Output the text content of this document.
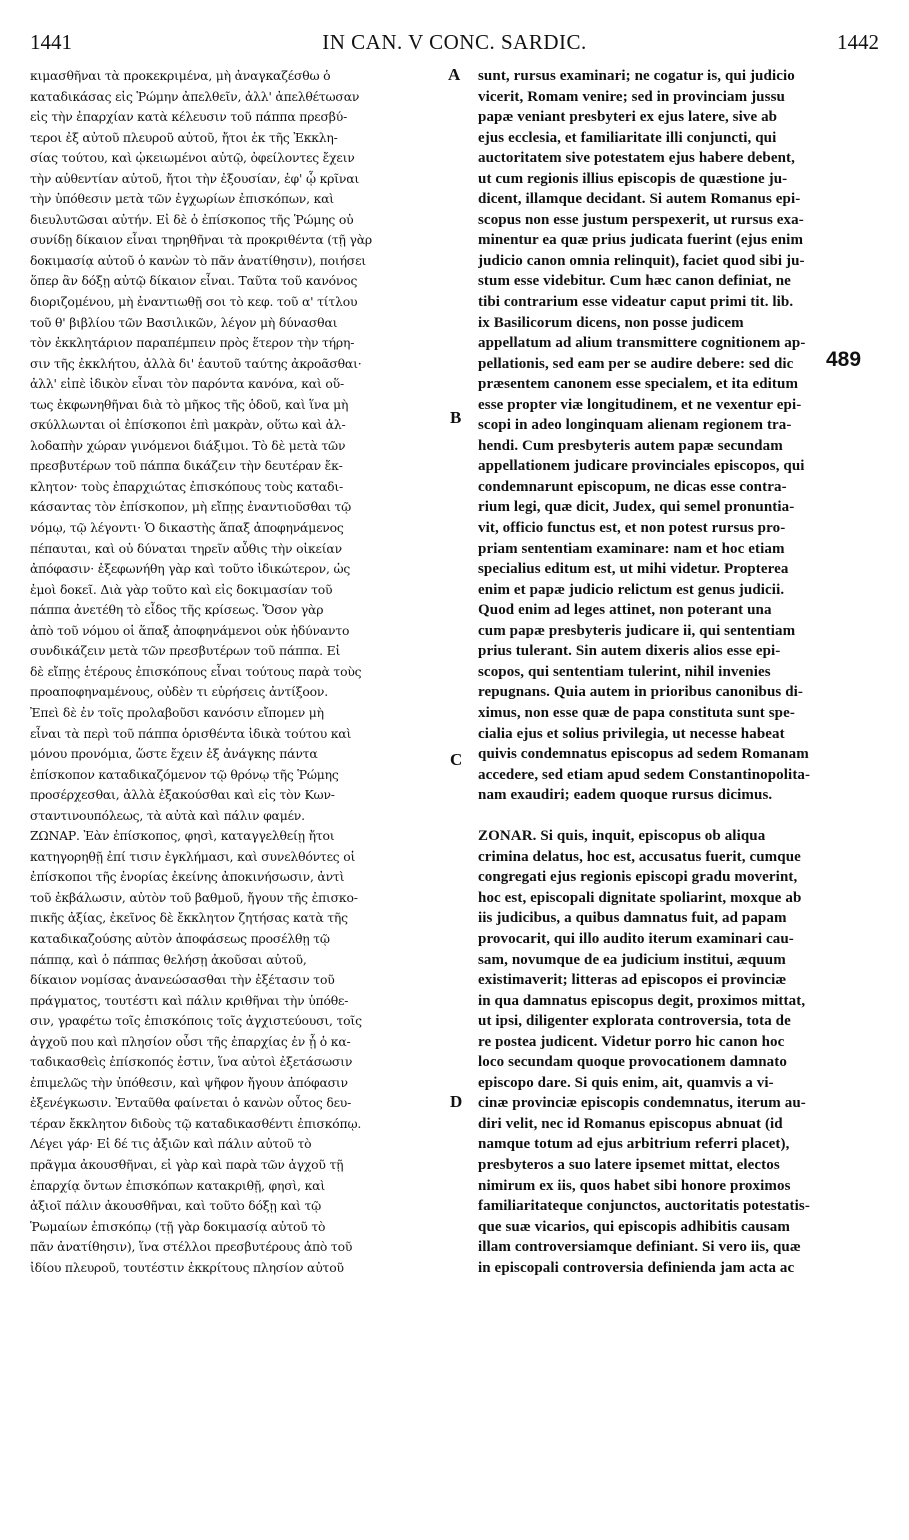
1441	IN CAN. V CONC. SARDIC.	1442
κιμασθῆναι τὰ προκεκριμένα, μὴ ἀναγκαζέσθω ὁ
καταδικάσας εἰς Ῥώμην ἀπελθεῖν, ἀλλ' ἀπελθέτωσαν
εἰς τὴν ἐπαρχίαν κατὰ κέλευσιν τοῦ πάππα πρεσβύ-
τεροι ἐξ αὐτοῦ πλευροῦ αὐτοῦ, ἤτοι ἐκ τῆς Ἐκκλη-
σίας τούτου, καὶ ᾠκειωμένοι αὐτῷ, ὀφείλοντες ἔχειν
τὴν αὐθεντίαν αὐτοῦ, ἤτοι τὴν ἐξουσίαν, ἐφ' ᾧ κρῖναι
τὴν ὑπόθεσιν μετὰ τῶν ἐγχωρίων ἐπισκόπων, καὶ
διευλυτῶσαι αὐτήν. Εἰ δὲ ὁ ἐπίσκοπος τῆς Ῥώμης οὐ
συνίδῃ δίκαιον εἶναι τηρηθῆναι τὰ προκριθέντα (τῇ γὰρ
δοκιμασίᾳ αὐτοῦ ὁ κανὼν τὸ πᾶν ἀνατίθησιν), ποιήσει
ὅπερ ἂν δόξῃ αὐτῷ δίκαιον εἶναι. Ταῦτα τοῦ κανόνος
διοριζομένου, μὴ ἐναντιωθῇ σοι τὸ κεφ. τοῦ α' τίτλου
τοῦ θ' βιβλίου τῶν Βασιλικῶν, λέγον μὴ δύνασθαι
τὸν ἐκκλητάριον παραπέμπειν πρὸς ἕτερον τὴν τήρη-
σιν τῆς ἐκκλήτου, ἀλλὰ δι' ἑαυτοῦ ταύτης ἀκροᾶσθαι·
ἀλλ' εἰπὲ ἰδικὸν εἶναι τὸν παρόντα κανόνα, καὶ οὕ-
τως ἐκφωνηθῆναι διὰ τὸ μῆκος τῆς ὁδοῦ, καὶ ἵνα μὴ
σκύλλωνται οἱ ἐπίσκοποι ἐπὶ μακρὰν, οὕτω καὶ ἀλ-
λοδαπὴν χώραν γινόμενοι διάξιμοι. Τὸ δὲ μετὰ τῶν
πρεσβυτέρων τοῦ πάππα δικάζειν τὴν δευτέραν ἔκ-
κλητον· τοὺς ἐπαρχιώτας ἐπισκόπους τοὺς καταδι-
κάσαντας τὸν ἐπίσκοπον, μὴ εἴπῃς ἐναντιοῦσθαι τῷ
νόμῳ, τῷ λέγοντι· Ὁ δικαστὴς ἅπαξ ἀποφηνάμενος
πέπαυται, καὶ οὐ δύναται τηρεῖν αὖθις τὴν οἰκείαν
ἀπόφασιν· ἐξεφωνήθη γὰρ καὶ τοῦτο ἰδικώτερον, ὡς
ἐμοὶ δοκεῖ. Διὰ γὰρ τοῦτο καὶ εἰς δοκιμασίαν τοῦ
πάππα ἀνετέθη τὸ εἶδος τῆς κρίσεως. Ὅσον γὰρ
ἀπὸ τοῦ νόμου οἱ ἅπαξ ἀποφηνάμενοι οὐκ ἠδύναντο
συνδικάζειν μετὰ τῶν πρεσβυτέρων τοῦ πάππα. Εἰ
δὲ εἴπῃς ἑτέρους ἐπισκόπους εἶναι τούτους παρὰ τοὺς
προαποφηναμένους, οὐδὲν τι εὑρήσεις ἀντίξοον.
Ἐπεὶ δὲ ἐν τοῖς προλαβοῦσι κανόσιν εἴπομεν μὴ
εἶναι τὰ περὶ τοῦ πάππα ὁρισθέντα ἰδικὰ τούτου καὶ
μόνου προνόμια, ὥστε ἔχειν ἐξ ἀνάγκης πάντα
ἐπίσκοπον καταδικαζόμενον τῷ θρόνῳ τῆς Ῥώμης
προσέρχεσθαι, ἀλλὰ ἐξακούσθαι καὶ εἰς τὸν Κων-
σταντινουπόλεως, τὰ αὐτὰ καὶ πάλιν φαμέν.
ΖΩΝΑΡ. Ἐὰν ἐπίσκοπος, φησὶ, καταγγελθείῃ ἤτοι
κατηγορηθῇ ἐπί τισιν ἐγκλήμασι, καὶ συνελθόντες οἱ
ἐπίσκοποι τῆς ἐνορίας ἐκείνης ἀποκινήσωσιν, ἀντὶ
τοῦ ἐκβάλωσιν, αὐτὸν τοῦ βαθμοῦ, ἤγουν τῆς ἐπισκο-
πικῆς ἀξίας, ἐκεῖνος δὲ ἔκκλητον ζητήσας κατὰ τῆς
καταδικαζούσης αὐτὸν ἀποφάσεως προσέλθῃ τῷ
πάππᾳ, καὶ ὁ πάππας θελήσῃ ἀκοῦσαι αὐτοῦ,
δίκαιον νομίσας ἀνανεώσασθαι τὴν ἐξέτασιν τοῦ
πράγματος, τουτέστι καὶ πάλιν κριθῆναι τὴν ὑπόθε-
σιν, γραφέτω τοῖς ἐπισκόποις τοῖς ἀγχιστεύουσι, τοῖς
ἀγχοῦ που καὶ πλησίον οὖσι τῆς ἐπαρχίας ἐν ᾗ ὁ κα-
ταδικασθεὶς ἐπίσκοπός ἐστιν, ἵνα αὐτοὶ ἐξετάσωσιν
ἐπιμελῶς τὴν ὑπόθεσιν, καὶ ψῆφον ἤγουν ἀπόφασιν
ἐξενέγκωσιν. Ἐνταῦθα φαίνεται ὁ κανὼν οὗτος δευ-
τέραν ἔκκλητον διδοὺς τῷ καταδικασθέντι ἐπισκόπῳ.
Λέγει γάρ· Εἰ δέ τις ἀξιῶν καὶ πάλιν αὐτοῦ τὸ
πρᾶγμα ἀκουσθῆναι, εἰ γὰρ καὶ παρὰ τῶν ἀγχοῦ τῇ
ἐπαρχίᾳ ὄντων ἐπισκόπων κατακριθῇ, φησὶ, καὶ
ἀξιοῖ πάλιν ἀκουσθῆναι, καὶ τοῦτο δόξῃ καὶ τῷ
Ῥωμαίων ἐπισκόπῳ (τῇ γὰρ δοκιμασίᾳ αὐτοῦ τὸ
πᾶν ἀνατίθησιν), ἵνα στέλλοι πρεσβυτέρους ἀπὸ τοῦ
ἰδίου πλευροῦ, τουτέστιν ἐκκρίτους πλησίον αὐτοῦ
A
B
C
D
sunt, rursus examinari; ne cogatur is, qui judicio
vicerit, Romam venire; sed in provinciam jussu
papæ veniant presbyteri ex ejus latere, sive ab
ejus ecclesia, et familiaritate illi conjuncti, qui
auctoritatem sive potestatem ejus habere debent,
ut cum regionis illius episcopis de quæstione ju-
dicent, illamque decidant. Si autem Romanus epi-
scopus non esse justum perspexerit, ut rursus exa-
minentur ea quæ prius judicata fuerint (ejus enim
judicio canon omnia relinquit), faciet quod sibi ju-
stum esse videbitur. Cum hæc canon definiat, ne
tibi contrarium esse videatur caput primi tit. lib.
ix Basilicorum dicens, non posse judicem
appellatum ad alium transmittere cognitionem ap-
pellationis, sed eam per se audire debere: sed dic
præsentem canonem esse specialem, et ita editum
esse propter viæ longitudinem, et ne vexentur epi-
scopi in adeo longinquam alienam regionem tra-
hendi. Cum presbyteris autem papæ secundam
appellationem judicare provinciales episcopos, qui
condemnarunt episcopum, ne dicas esse contra-
rium legi, quæ dicit, Judex, qui semel pronuntia-
vit, officio functus est, et non potest rursus pro-
priam sententiam examinare: nam et hoc etiam
specialius editum est, ut mihi videtur. Propterea
enim et papæ judicio relictum est genus judicii.
Quod enim ad leges attinet, non poterant una
cum papæ presbyteris judicare ii, qui sententiam
prius tulerant. Sin autem dixeris alios esse epi-
scopos, qui sententiam tulerint, nihil invenies
repugnans. Quia autem in prioribus canonibus di-
ximus, non esse quæ de papa constituta sunt spe-
cialia ejus et solius privilegia, ut necesse habeat
quivis condemnatus episcopus ad sedem Romanam
accedere, sed etiam apud sedem Constantinopolita-
nam exaudiri; eadem quoque rursus dicimus.
ZONAR. Si quis, inquit, episcopus ob aliqua
crimina delatus, hoc est, accusatus fuerit, cumque
congregati ejus regionis episcopi gradu moverint,
hoc est, episcopali dignitate spoliarint, moxque ab
iis judicibus, a quibus damnatus fuit, ad papam
provocarit, qui illo audito iterum examinari cau-
sam, novumque de ea judicium institui, æquum
existimaverit; litteras ad episcopos ei provinciæ
in qua damnatus episcopus degit, proximos mittat,
ut ipsi, diligenter explorata controversia, tota de
re postea judicent. Videtur porro hic canon hoc
loco secundam quoque provocationem damnato
episcopo dare. Si quis enim, ait, quamvis a vi-
cinæ provinciæ episcopis condemnatus, iterum au-
diri velit, nec id Romanus episcopus abnuat (id
namque totum ad ejus arbitrium referri placet),
presbyteros a suo latere ipsemet mittat, electos
nimirum ex iis, quos habet sibi honore proximos
familiaritateque conjunctos, auctoritatis potestatis-
que suæ vicarios, qui episcopis adhibitis causam
illam controversiamque definiant. Si vero iis, quæ
in episcopali controversia definienda jam acta ac
489
